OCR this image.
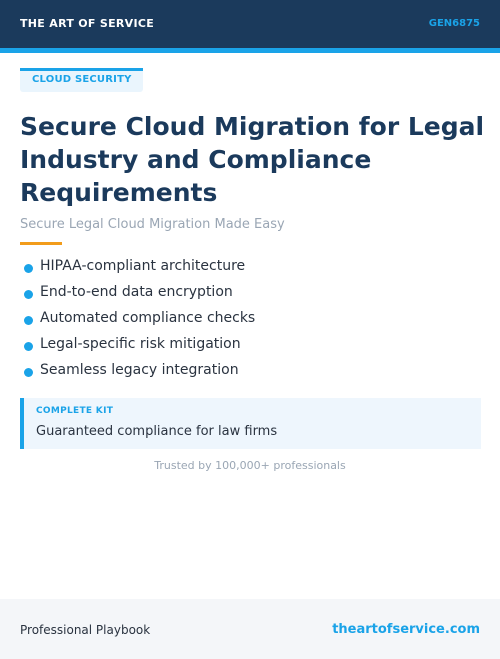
THE ART OF SERVICE	GEN6875
CLOUD SECURITY
Secure Cloud Migration for Legal Industry and Compliance Requirements
Secure Legal Cloud Migration Made Easy
HIPAA-compliant architecture
End-to-end data encryption
Automated compliance checks
Legal-specific risk mitigation
Seamless legacy integration
COMPLETE KIT
Guaranteed compliance for law firms
Trusted by 100,000+ professionals
Professional Playbook	theartofservice.com
